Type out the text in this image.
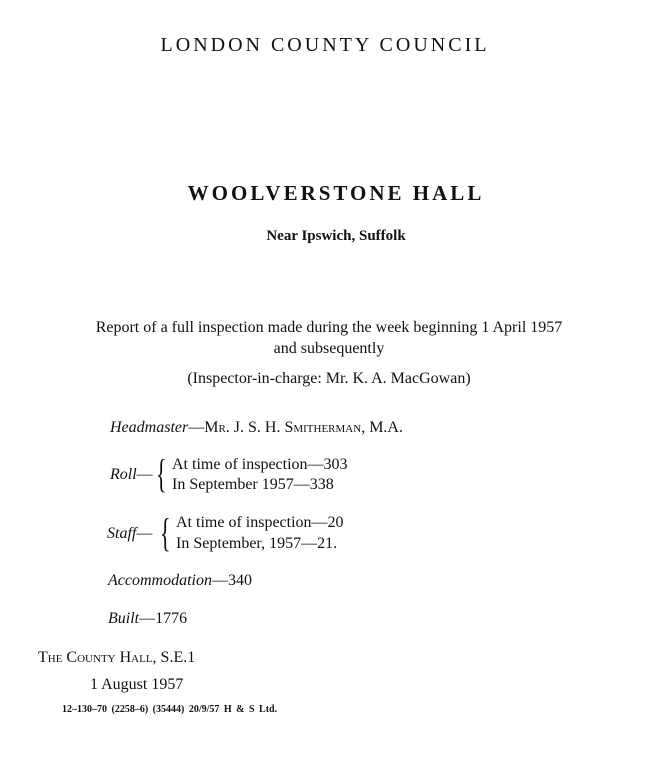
LONDON COUNTY COUNCIL
WOOLVERSTONE HALL
Near Ipswich, Suffolk
Report of a full inspection made during the week beginning 1 April 1957
and subsequently
(Inspector-in-charge: Mr. K. A. MacGowan)
Headmaster—Mr. J. S. H. Smitherman, M.A.
Roll— { At time of inspection—303
In September 1957—338
Staff— { At time of inspection—20
In September, 1957—21.
Accommodation—340
Built—1776
The County Hall, S.E.1
1 August 1957
12–130–70 (2258–6) (35444) 20/9/57 H & S Ltd.
